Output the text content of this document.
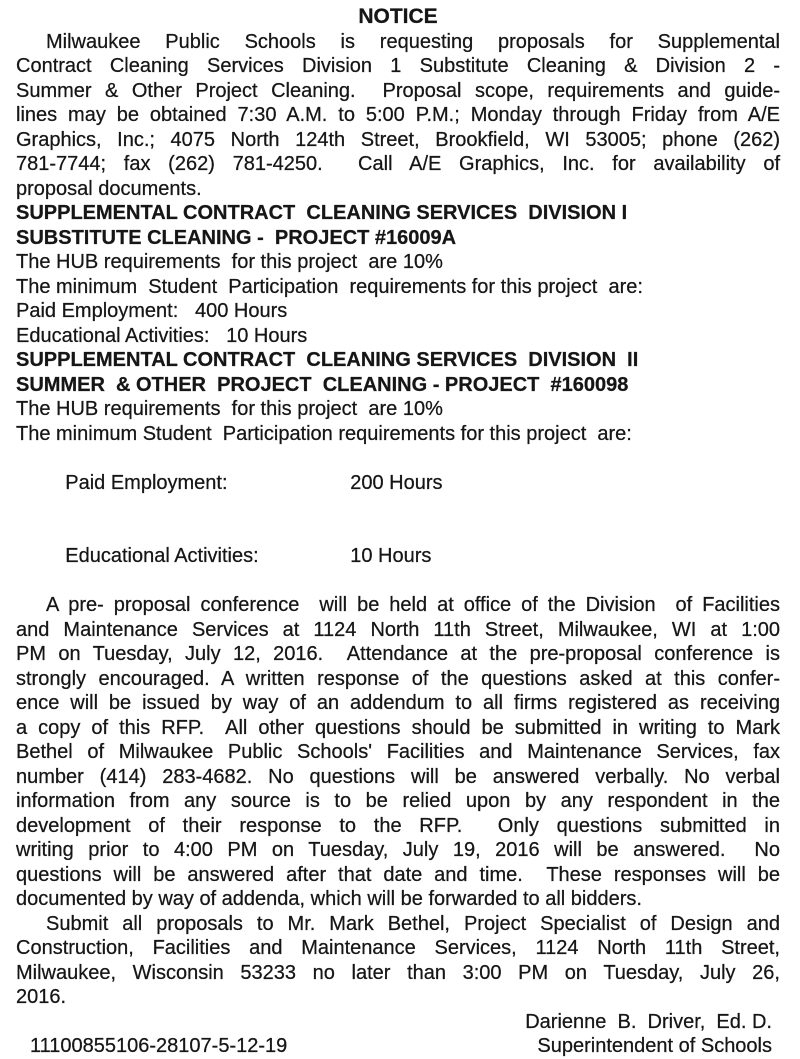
NOTICE
Milwaukee Public Schools is requesting proposals for Supplemental
Contract Cleaning Services Division 1 Substitute Cleaning & Division 2 -
Summer & Other Project Cleaning.  Proposal scope, requirements and guide-
lines may be obtained 7:30 A.M. to 5:00 P.M.; Monday through Friday from A/E
Graphics, Inc.; 4075 North 124th Street, Brookfield, WI 53005; phone (262)
781-7744; fax (262) 781-4250.  Call A/E Graphics, Inc. for availability of
proposal documents.
SUPPLEMENTAL CONTRACT  CLEANING SERVICES  DIVISION I
SUBSTITUTE CLEANING -  PROJECT #16009A
The HUB requirements  for this project  are 10%
The minimum  Student  Participation  requirements for this project  are:
Paid Employment:   400 Hours
Educational Activities:   10 Hours
SUPPLEMENTAL CONTRACT  CLEANING SERVICES  DIVISION  II
SUMMER  & OTHER  PROJECT  CLEANING - PROJECT  #160098
The HUB requirements  for this project  are 10%
The minimum Student  Participation requirements for this project  are:

Paid Employment:	200 Hours

Educational Activities:	10 Hours

A pre- proposal conference  will be held at office of the Division  of Facilities
and Maintenance Services at 1124 North 11th Street, Milwaukee, WI at 1:00
PM on Tuesday, July 12, 2016.  Attendance at the pre-proposal conference is
strongly encouraged. A written response of the questions asked at this confer-
ence will be issued by way of an addendum to all firms registered as receiving
a copy of this RFP.  All other questions should be submitted in writing to Mark
Bethel of Milwaukee Public Schools' Facilities and Maintenance Services, fax
number (414) 283-4682. No questions will be answered verbally. No verbal
information from any source is to be relied upon by any respondent in the
development of their response to the RFP.  Only questions submitted in
writing prior to 4:00 PM on Tuesday, July 19, 2016 will be answered.  No
questions will be answered after that date and time.  These responses will be
documented by way of addenda, which will be forwarded to all bidders.
Submit all proposals to Mr. Mark Bethel, Project Specialist of Design and
Construction, Facilities and Maintenance Services, 1124 North 11th Street,
Milwaukee, Wisconsin 53233 no later than 3:00 PM on Tuesday, July 26,
2016.
Darienne  B.  Driver,  Ed. D.
11100855106-28107-5-12-19	Superintendent of Schools
